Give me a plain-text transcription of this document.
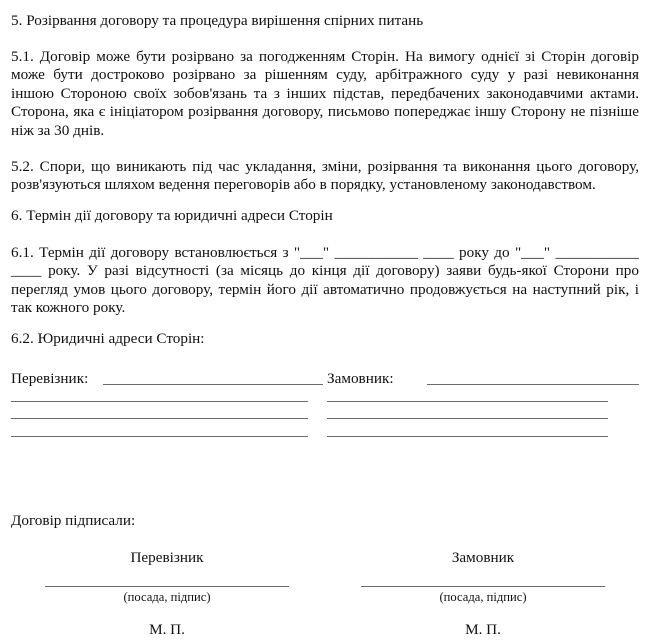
5. Розірвання договору та процедура вирішення спірних питань
5.1. Договір може бути розірвано за погодженням Сторін. На вимогу однієї зі Сторін договір
може бути достроково розірвано за рішенням суду, арбітражного суду у разі невиконання
іншою Стороною своїх зобов'язань та з інших підстав, передбачених законодавчими актами.
Сторона, яка є ініціатором розірвання договору, письмово попереджає іншу Сторону не пізніше
ніж за 30 днів.
5.2. Спори, що виникають під час укладання, зміни, розірвання та виконання цього договору,
розв'язуються шляхом ведення переговорів або в порядку, установленому законодавством.
6. Термін дії договору та юридичні адреси Сторін
6.1. Термін дії договору встановлюється з "___" ___________ ____ року до "___" ___________
____ року. У разі відсутності (за місяць до кінця дії договору) заяви будь-якої Сторони про
перегляд умов цього договору, термін його дії автоматично продовжується на наступний рік, і
так кожного року.
6.2. Юридичні адреси Сторін:
Перевізник:	Замовник:
Договір підписали:
Перевізник
(посада, підпис)
М. П.
Замовник
(посада, підпис)
М. П.
